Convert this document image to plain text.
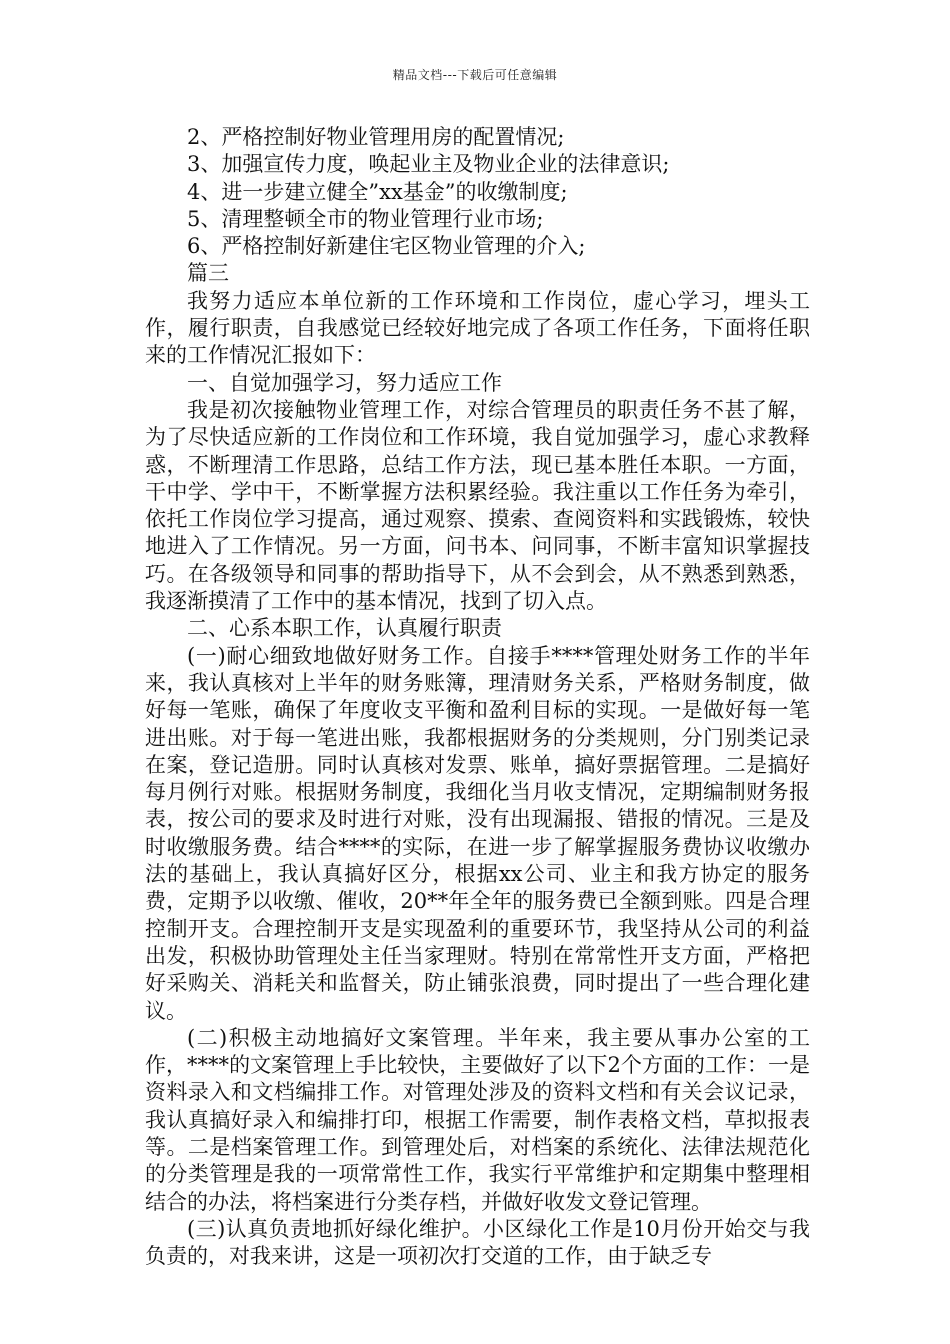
精品文档---下载后可任意编辑
2、严格控制好物业管理用房的配置情况;
3、加强宣传力度，唤起业主及物业企业的法律意识;
4、进一步建立健全”xx基金”的收缴制度;
5、清理整顿全市的物业管理行业市场;
6、严格控制好新建住宅区物业管理的介入;
篇三

我努力适应本单位新的工作环境和工作岗位，虚心学习，埋头工作，履行职责，自我感觉已经较好地完成了各项工作任务，下面将任职来的工作情况汇报如下：

一、自觉加强学习，努力适应工作

我是初次接触物业管理工作，对综合管理员的职责任务不甚了解，为了尽快适应新的工作岗位和工作环境，我自觉加强学习，虚心求教释惑，不断理清工作思路，总结工作方法，现已基本胜任本职。一方面，干中学、学中干，不断掌握方法积累经验。我注重以工作任务为牵引，依托工作岗位学习提高，通过观察、摸索、查阅资料和实践锻炼，较快地进入了工作情况。另一方面，问书本、问同事，不断丰富知识掌握技巧。在各级领导和同事的帮助指导下，从不会到会，从不熟悉到熟悉，我逐渐摸清了工作中的基本情况，找到了切入点。

二、心系本职工作，认真履行职责

(一)耐心细致地做好财务工作。自接手****管理处财务工作的半年来，我认真核对上半年的财务账簿，理清财务关系，严格财务制度，做好每一笔账，确保了年度收支平衡和盈利目标的实现。一是做好每一笔进出账。对于每一笔进出账，我都根据财务的分类规则，分门别类记录在案，登记造册。同时认真核对发票、账单，搞好票据管理。二是搞好每月例行对账。根据财务制度，我细化当月收支情况，定期编制财务报表，按公司的要求及时进行对账，没有出现漏报、错报的情况。三是及时收缴服务费。结合****的实际，在进一步了解掌握服务费协议收缴办法的基础上，我认真搞好区分，根据xx公司、业主和我方协定的服务费，定期予以收缴、催收，20**年全年的服务费已全额到账。四是合理控制开支。合理控制开支是实现盈利的重要环节，我坚持从公司的利益出发，积极协助管理处主任当家理财。特别在常常性开支方面，严格把好采购关、消耗关和监督关，防止铺张浪费，同时提出了一些合理化建议。

(二)积极主动地搞好文案管理。半年来，我主要从事办公室的工作，****的文案管理上手比较快，主要做好了以下2个方面的工作：一是资料录入和文档编排工作。对管理处涉及的资料文档和有关会议记录，我认真搞好录入和编排打印，根据工作需要，制作表格文档，草拟报表等。二是档案管理工作。到管理处后，对档案的系统化、法律法规范化的分类管理是我的一项常常性工作，我实行平常维护和定期集中整理相结合的办法，将档案进行分类存档，并做好收发文登记管理。

(三)认真负责地抓好绿化维护。小区绿化工作是10月份开始交与我负责的，对我来讲，这是一项初次打交道的工作，由于缺乏专
